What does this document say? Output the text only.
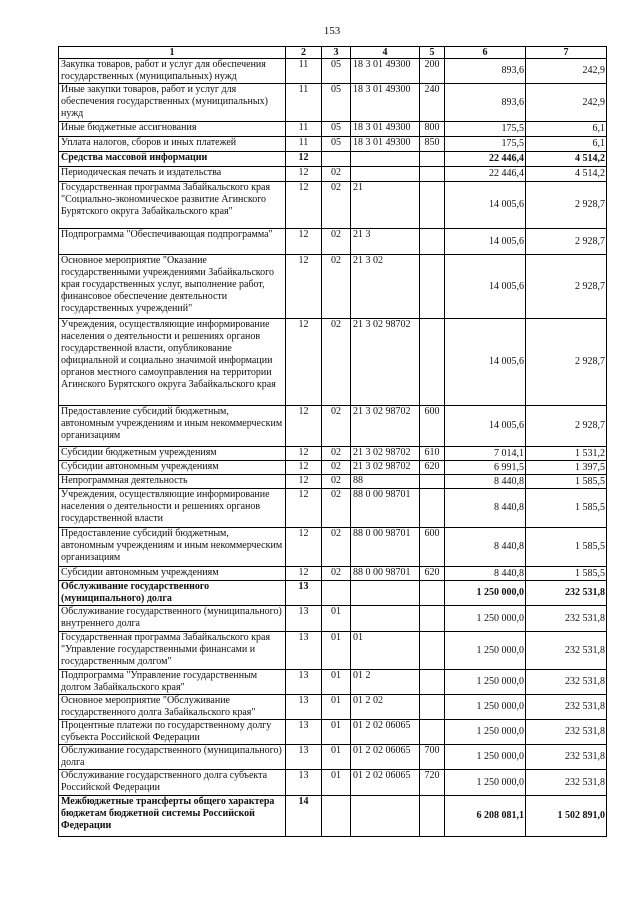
153
1	2	3	4	5	6	7
Закупка товаров, работ и услуг для обеспечения государственных (муниципальных) нужд	11	05	18 3 01 49300	200	893,6	242,9
Иные закупки товаров, работ и услуг для обеспечения государственных (муниципальных) нужд	11	05	18 3 01 49300	240	893,6	242,9
Иные бюджетные ассигнования	11	05	18 3 01 49300	800	175,5	6,1
Уплата налогов, сборов и иных платежей	11	05	18 3 01 49300	850	175,5	6,1
Средства массовой информации	12				22 446,4	4 514,2
Периодическая печать и издательства	12	02			22 446,4	4 514,2
Государственная программа Забайкальского края "Социально-экономическое развитие Агинского Бурятского округа Забайкальского края"	12	02	21		14 005,6	2 928,7
Подпрограмма "Обеспечивающая подпрограмма"	12	02	21 3		14 005,6	2 928,7
Основное мероприятие "Оказание государственными учреждениями Забайкальского края государственных услуг, выполнение работ, финансовое обеспечение деятельности государственных учреждений"	12	02	21 3 02		14 005,6	2 928,7
Учреждения, осуществляющие информирование населения о деятельности и решениях органов государственной власти, опубликование официальной и социально значимой информации органов местного самоуправления на территории Агинского Бурятского округа Забайкальского края	12	02	21 3 02 98702		14 005,6	2 928,7
Предоставление субсидий бюджетным, автономным учреждениям и иным некоммерческим организациям	12	02	21 3 02 98702	600	14 005,6	2 928,7
Субсидии бюджетным учреждениям	12	02	21 3 02 98702	610	7 014,1	1 531,2
Субсидии автономным учреждениям	12	02	21 3 02 98702	620	6 991,5	1 397,5
Непрограммная деятельность	12	02	88		8 440,8	1 585,5
Учреждения, осуществляющие информирование населения о деятельности и решениях органов государственной власти	12	02	88 0 00 98701		8 440,8	1 585,5
Предоставление субсидий бюджетным, автономным учреждениям и иным некоммерческим организациям	12	02	88 0 00 98701	600	8 440,8	1 585,5
Субсидии автономным учреждениям	12	02	88 0 00 98701	620	8 440,8	1 585,5
Обслуживание государственного (муниципального) долга	13				1 250 000,0	232 531,8
Обслуживание государственного (муниципального) внутреннего долга	13	01			1 250 000,0	232 531,8
Государственная программа Забайкальского края "Управление государственными финансами и государственным долгом"	13	01	01		1 250 000,0	232 531,8
Подпрограмма "Управление государственным долгом Забайкальского края"	13	01	01 2		1 250 000,0	232 531,8
Основное мероприятие "Обслуживание государственного долга Забайкальского края"	13	01	01 2 02		1 250 000,0	232 531,8
Процентные платежи по государственному долгу субъекта Российской Федерации	13	01	01 2 02 06065		1 250 000,0	232 531,8
Обслуживание государственного (муниципального) долга	13	01	01 2 02 06065	700	1 250 000,0	232 531,8
Обслуживание государственного долга субъекта Российской Федерации	13	01	01 2 02 06065	720	1 250 000,0	232 531,8
Межбюджетные трансферты общего характера бюджетам бюджетной системы Российской Федерации	14				6 208 081,1	1 502 891,0
